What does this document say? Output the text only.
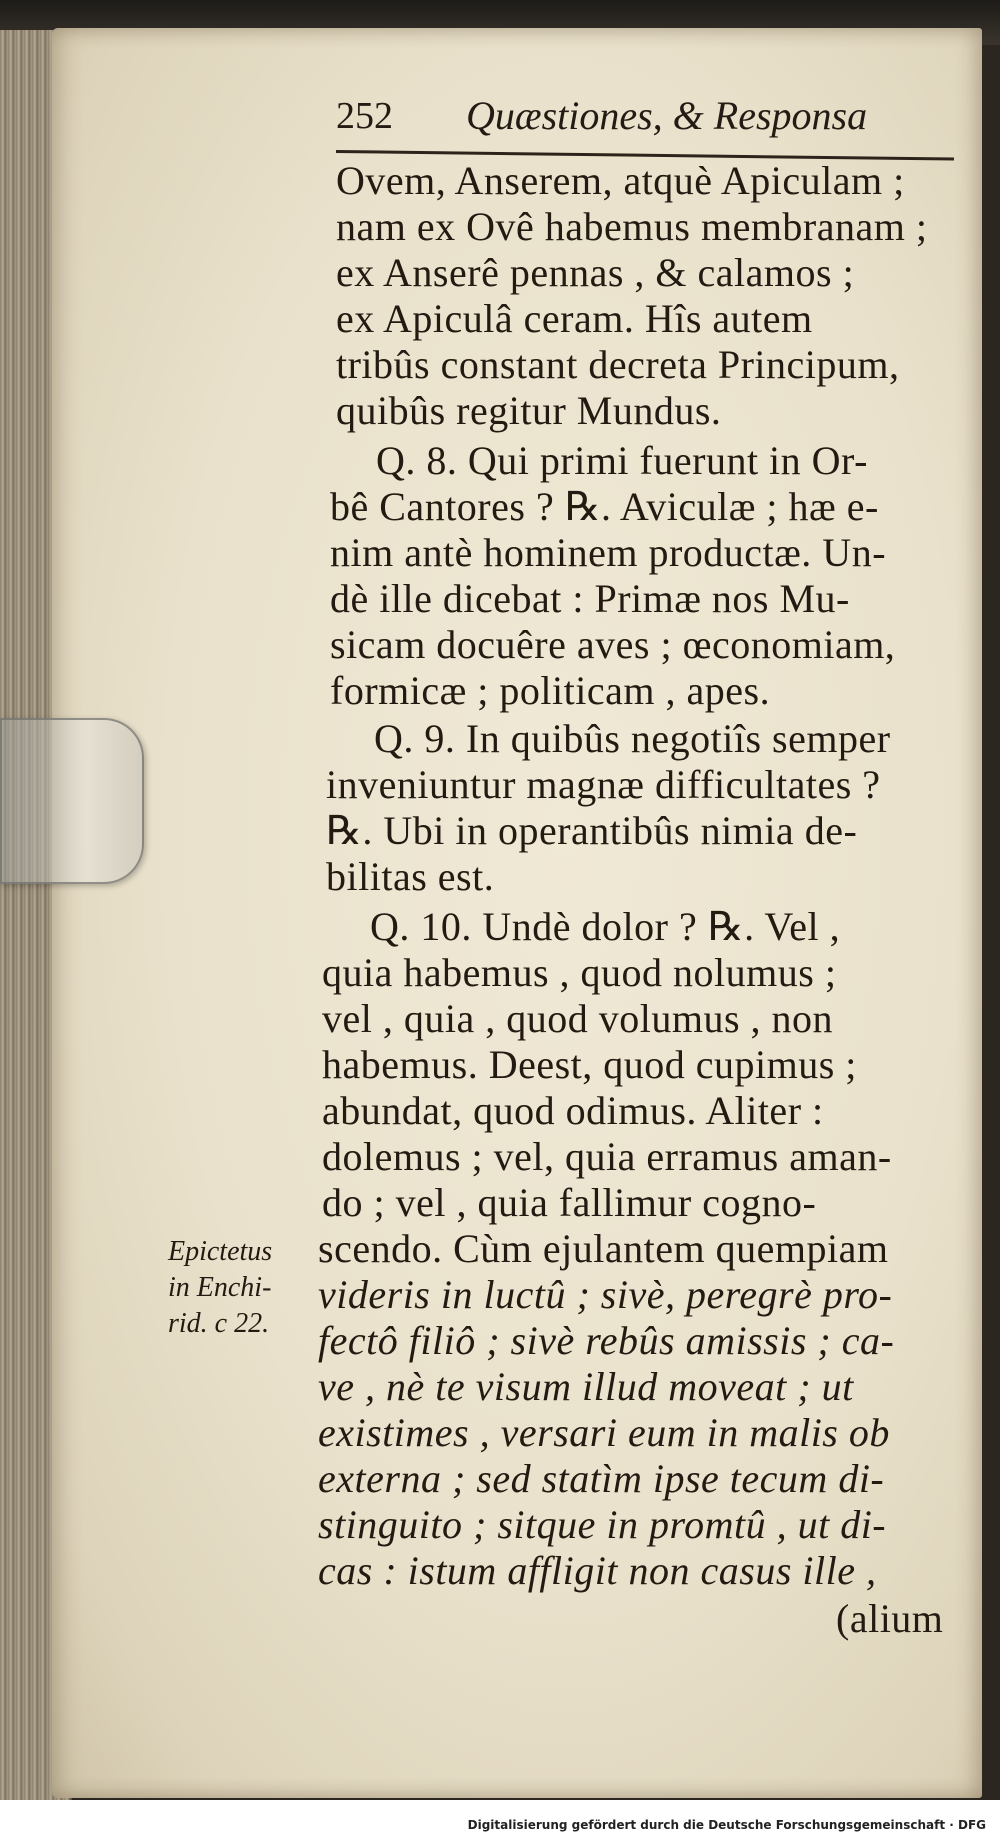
252 Quæstiones, & Responsa
Ovem, Anserem, atquè Apiculam ;
nam ex Ovê habemus membranam ;
ex Anserê pennas , & calamos ;
ex Apiculâ ceram. Hîs autem
tribûs constant decreta Principum,
quibûs regitur Mundus.
Q. 8. Qui primi fuerunt in Or-
bê Cantores ? ℞. Aviculæ ; hæ e-
nim antè hominem productæ. Un-
dè ille dicebat : Primæ nos Mu-
sicam docuêre aves ; œconomiam,
formicæ ; politicam , apes.
Q. 9. In quibûs negotiîs semper
inveniuntur magnæ difficultates ?
℞. Ubi in operantibûs nimia de-
bilitas est.
Q. 10. Undè dolor ? ℞. Vel ,
quia habemus , quod nolumus ;
vel , quia , quod volumus , non
habemus. Deest, quod cupimus ;
abundat, quod odimus. Aliter :
dolemus ; vel, quia erramus aman-
do ; vel , quia fallimur cogno-
scendo. Cùm ejulantem quempiam
videris in luctû ; sivè, peregrè pro-
fectô filiô ; sivè rebûs amissis ; ca-
ve , nè te visum illud moveat ; ut
existimes , versari eum in malis ob
externa ; sed statìm ipse tecum di-
stinguito ; sitque in promtû , ut di-
cas : istum affligit non casus ille ,
(alium
Epictetus
in Enchi-
rid. c 22.
Digitalisierung gefördert durch die Deutsche Forschungsgemeinschaft · DFG
